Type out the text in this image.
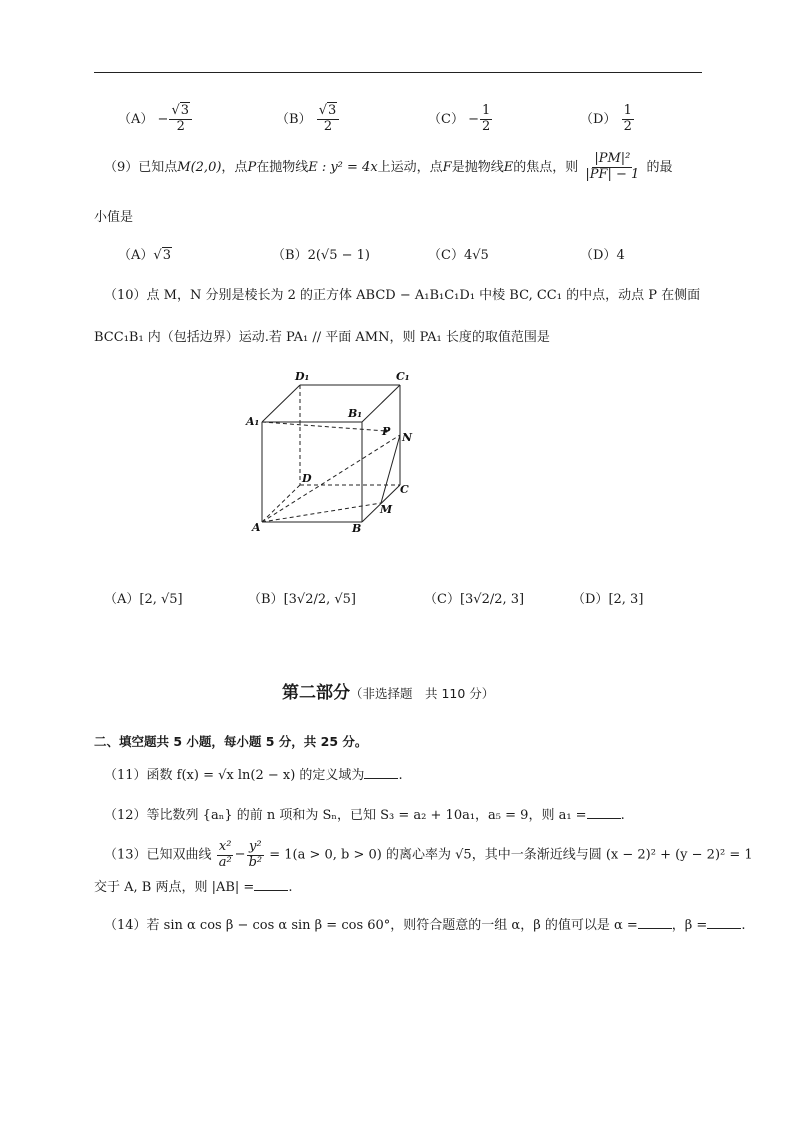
$(A) - \frac{√3}{2}$	$(B) \frac{√3}{2}$	$(C) - \frac{1}{2}$	$(D) \frac{1}{2}$
（9）已知点M(2,0)，点P在抛物线E : y² = 4x上运动，点F是抛物线E的焦点，则 $\frac{\text{|PM|²}}{|PF| - 1}$ 的最
小值是
（A）√3	（B）2(√5 − 1)	（C）4√5	（D）4
（10）点 M，N 分别是棱长为 2 的正方体 ABCD − A₁B₁C₁D₁ 中棱 BC, CC₁ 的中点，动点 P 在侧面
BCC₁B₁ 内（包括边界）运动.若 PA₁ // 平面 AMN，则 PA₁ 长度的取值范围是
D₁	C₁
A₁
B₁
P N
D
C
M
A	B
（A）[2, √5]	（B）[3√2/2, √5]	（C）[3√2/2, 3]	（D）[2, 3]
第二部分（非选择题　共 110 分）
二、填空题共 5 小题，每小题 5 分，共 25 分。
（11）函数 f(x) = √x ln(2 − x) 的定义域为	.
（12）等比数列 {aₙ} 的前 n 项和为 Sₙ，已知 S₃ = a₂ + 10a₁，a₅ = 9，则 a₁ =	.
（13）已知双曲线 $\frac{\text{x²}}{\text{a²}} - \frac{\text{y²}}{\text{b²}} = 1(a > 0$, b > 0) 的离心率为 √5，其中一条渐近线与圆 (x − 2)² + (y − 2)² = 1
交于 A, B 两点，则 |AB| =	.
（14）若 sin α cos β − cos α sin β = cos 60°，则符合题意的一组 α，β 的值可以是 α =	，β =	.
